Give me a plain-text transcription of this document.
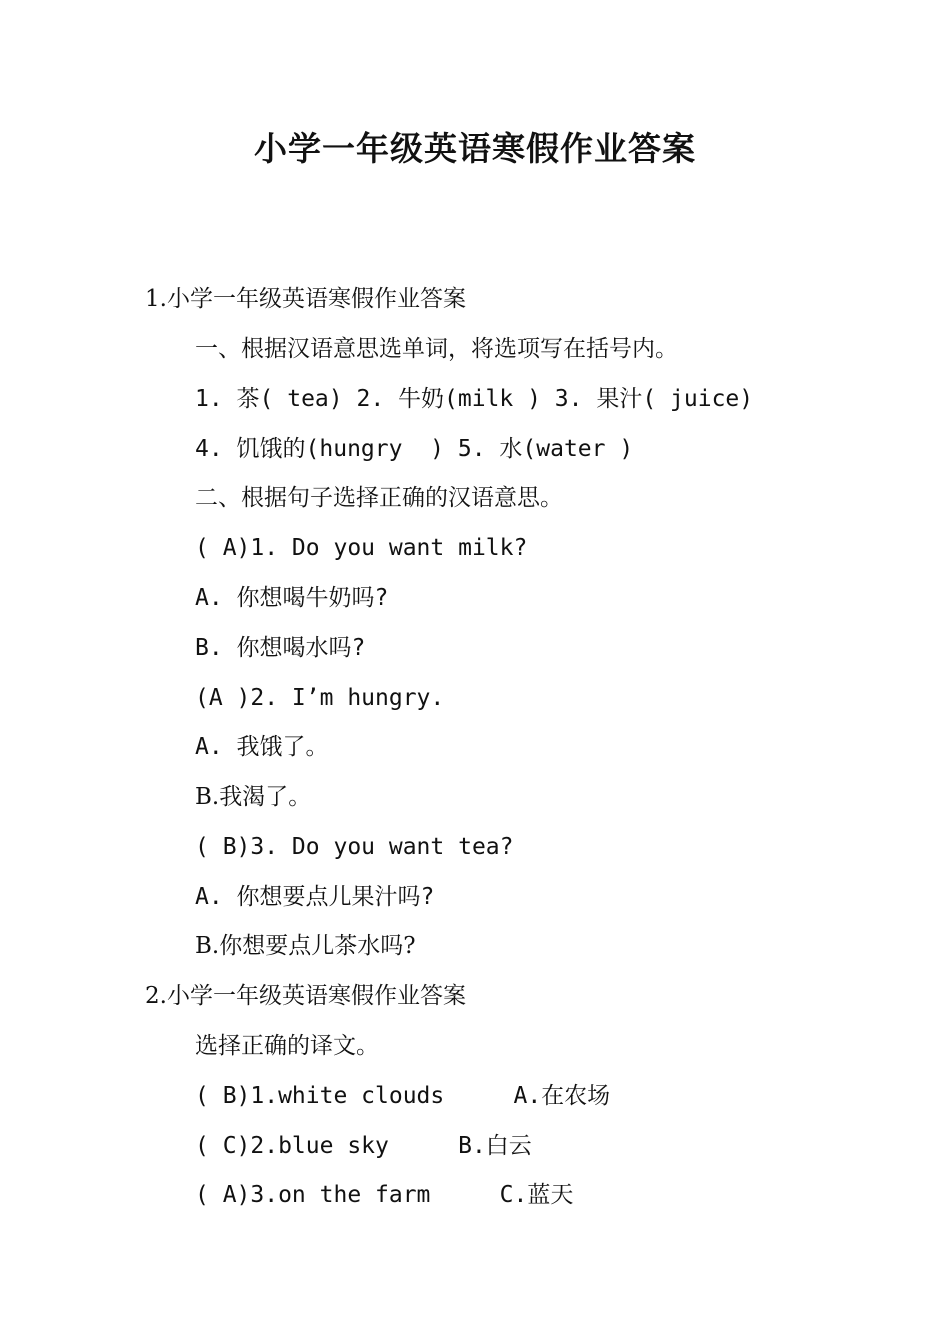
小学一年级英语寒假作业答案
1.小学一年级英语寒假作业答案
一、根据汉语意思选单词，将选项写在括号内。
1. 茶( tea) 2. 牛奶(milk ) 3. 果汁( juice)
4. 饥饿的(hungry  ) 5. 水(water )
二、根据句子选择正确的汉语意思。
( A)1. Do you want milk?
A. 你想喝牛奶吗?
B. 你想喝水吗?
(A )2. I’m hungry.
A. 我饿了。
B.我渴了。
( B)3. Do you want tea?
A. 你想要点儿果汁吗?
B.你想要点儿茶水吗?
2.小学一年级英语寒假作业答案
选择正确的译文。
( B)1.white clouds     A.在农场
( C)2.blue sky     B.白云
( A)3.on the farm     C.蓝天
